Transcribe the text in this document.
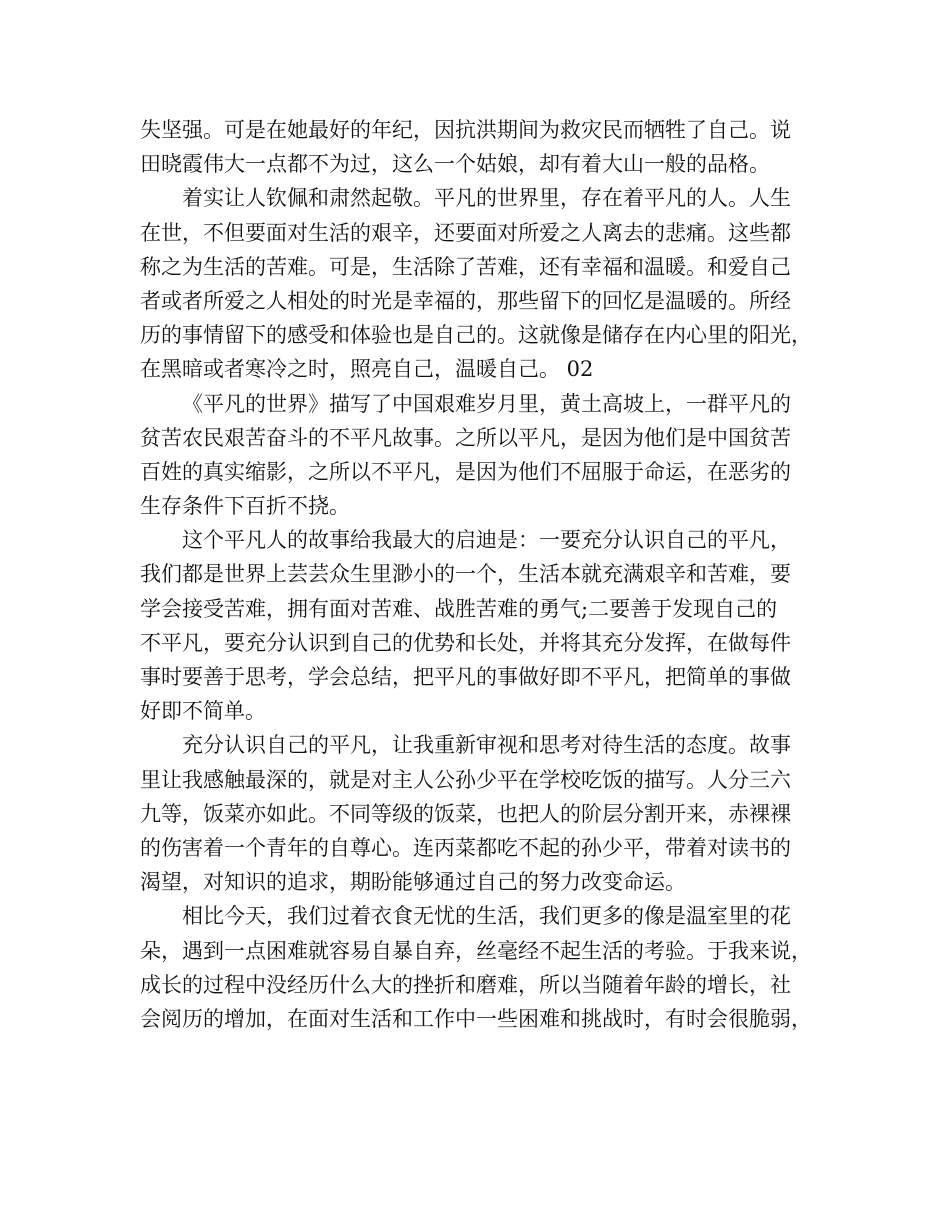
失坚强。可是在她最好的年纪，因抗洪期间为救灾民而牺牲了自己。说
田晓霞伟大一点都不为过，这么一个姑娘，却有着大山一般的品格。
着实让人钦佩和肃然起敬。平凡的世界里，存在着平凡的人。人生
在世，不但要面对生活的艰辛，还要面对所爱之人离去的悲痛。这些都
称之为生活的苦难。可是，生活除了苦难，还有幸福和温暖。和爱自己
者或者所爱之人相处的时光是幸福的，那些留下的回忆是温暖的。所经
历的事情留下的感受和体验也是自己的。这就像是储存在内心里的阳光，
在黑暗或者寒冷之时，照亮自己，温暖自己。 02
《平凡的世界》描写了中国艰难岁月里，黄土高坡上，一群平凡的
贫苦农民艰苦奋斗的不平凡故事。之所以平凡，是因为他们是中国贫苦
百姓的真实缩影，之所以不平凡，是因为他们不屈服于命运，在恶劣的
生存条件下百折不挠。
这个平凡人的故事给我最大的启迪是：一要充分认识自己的平凡，
我们都是世界上芸芸众生里渺小的一个，生活本就充满艰辛和苦难，要
学会接受苦难，拥有面对苦难、战胜苦难的勇气;二要善于发现自己的
不平凡，要充分认识到自己的优势和长处，并将其充分发挥，在做每件
事时要善于思考，学会总结，把平凡的事做好即不平凡，把简单的事做
好即不简单。
充分认识自己的平凡，让我重新审视和思考对待生活的态度。故事
里让我感触最深的，就是对主人公孙少平在学校吃饭的描写。人分三六
九等，饭菜亦如此。不同等级的饭菜，也把人的阶层分割开来，赤裸裸
的伤害着一个青年的自尊心。连丙菜都吃不起的孙少平，带着对读书的
渴望，对知识的追求，期盼能够通过自己的努力改变命运。
相比今天，我们过着衣食无忧的生活，我们更多的像是温室里的花
朵，遇到一点困难就容易自暴自弃，丝毫经不起生活的考验。于我来说，
成长的过程中没经历什么大的挫折和磨难，所以当随着年龄的增长，社
会阅历的增加，在面对生活和工作中一些困难和挑战时，有时会很脆弱，
